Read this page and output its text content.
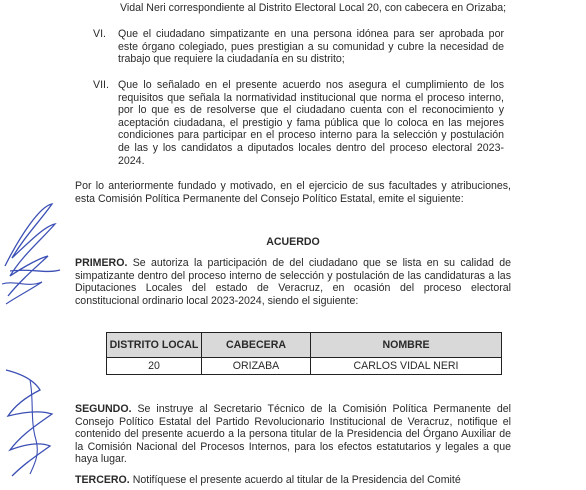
Vidal Neri correspondiente al Distrito Electoral Local 20, con cabecera en Orizaba;

VI. Que el ciudadano simpatizante en una persona idónea para ser aprobada por este órgano colegiado, pues prestigian a su comunidad y cubre la necesidad de trabajo que requiere la ciudadanía en su distrito;
VII. Que lo señalado en el presente acuerdo nos asegura el cumplimiento de los requisitos que señala la normatividad institucional que norma el proceso interno, por lo que es de resolverse que el ciudadano cuenta con el reconocimiento y aceptación ciudadana, el prestigio y fama pública que lo coloca en las mejores condiciones para participar en el proceso interno para la selección y postulación de las y los candidatos a diputados locales dentro del proceso electoral 2023-2024.

Por lo anteriormente fundado y motivado, en el ejercicio de sus facultades y atribuciones, esta Comisión Política Permanente del Consejo Político Estatal, emite el siguiente:

ACUERDO

PRIMERO. Se autoriza la participación de del ciudadano que se lista en su calidad de simpatizante dentro del proceso interno de selección y postulación de las candidaturas a las Diputaciones Locales del estado de Veracruz, en ocasión del proceso electoral constitucional ordinario local 2023-2024, siendo el siguiente:

DISTRITO LOCAL	CABECERA	NOMBRE
20	ORIZABA	CARLOS VIDAL NERI

SEGUNDO. Se instruye al Secretario Técnico de la Comisión Política Permanente del Consejo Político Estatal del Partido Revolucionario Institucional de Veracruz, notifique el contenido del presente acuerdo a la persona titular de la Presidencia del Órgano Auxiliar de la Comisión Nacional del Procesos Internos, para los efectos estatutarios y legales a que haya lugar.

TERCERO. Notifíquese el presente acuerdo al titular de la Presidencia del Comité
